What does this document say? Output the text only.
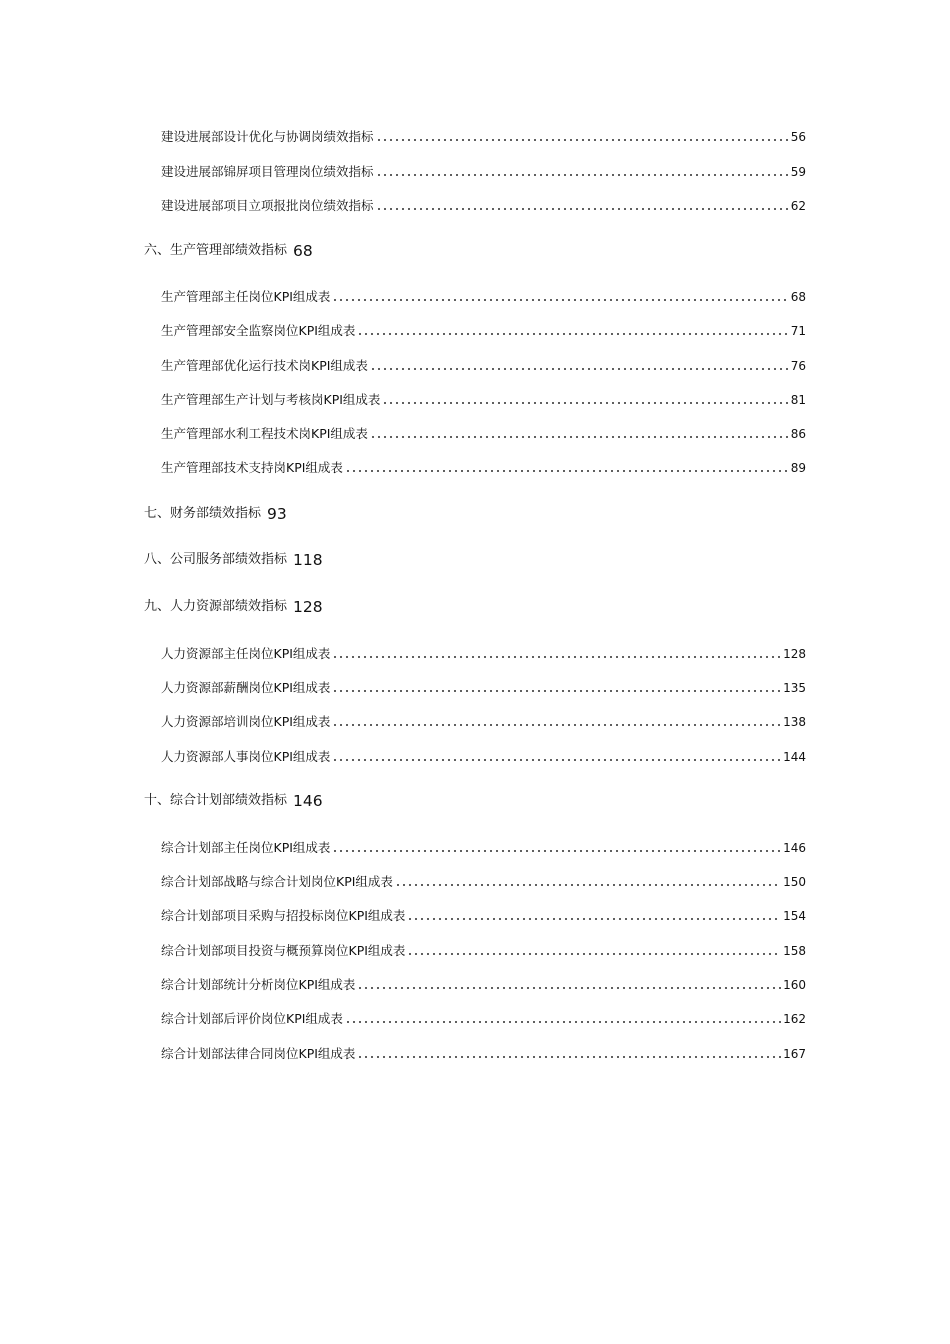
建设进展部设计优化与协调岗绩效指标	56
建设进展部锦屏项目管理岗位绩效指标	59
建设进展部项目立项报批岗位绩效指标	62
六、生产管理部绩效指标 68
生产管理部主任岗位KPI组成表	68
生产管理部安全监察岗位KPI组成表	71
生产管理部优化运行技术岗KPI组成表	76
生产管理部生产计划与考核岗KPI组成表	81
生产管理部水利工程技术岗KPI组成表	86
生产管理部技术支持岗KPI组成表	89
七、财务部绩效指标 93
八、公司服务部绩效指标 118
九、人力资源部绩效指标 128
人力资源部主任岗位KPI组成表	128
人力资源部薪酬岗位KPI组成表	135
人力资源部培训岗位KPI组成表	138
人力资源部人事岗位KPI组成表	144
十、综合计划部绩效指标 146
综合计划部主任岗位KPI组成表	146
综合计划部战略与综合计划岗位KPI组成表	150
综合计划部项目采购与招投标岗位KPI组成表	154
综合计划部项目投资与概预算岗位KPI组成表	158
综合计划部统计分析岗位KPI组成表	160
综合计划部后评价岗位KPI组成表	162
综合计划部法律合同岗位KPI组成表	167
